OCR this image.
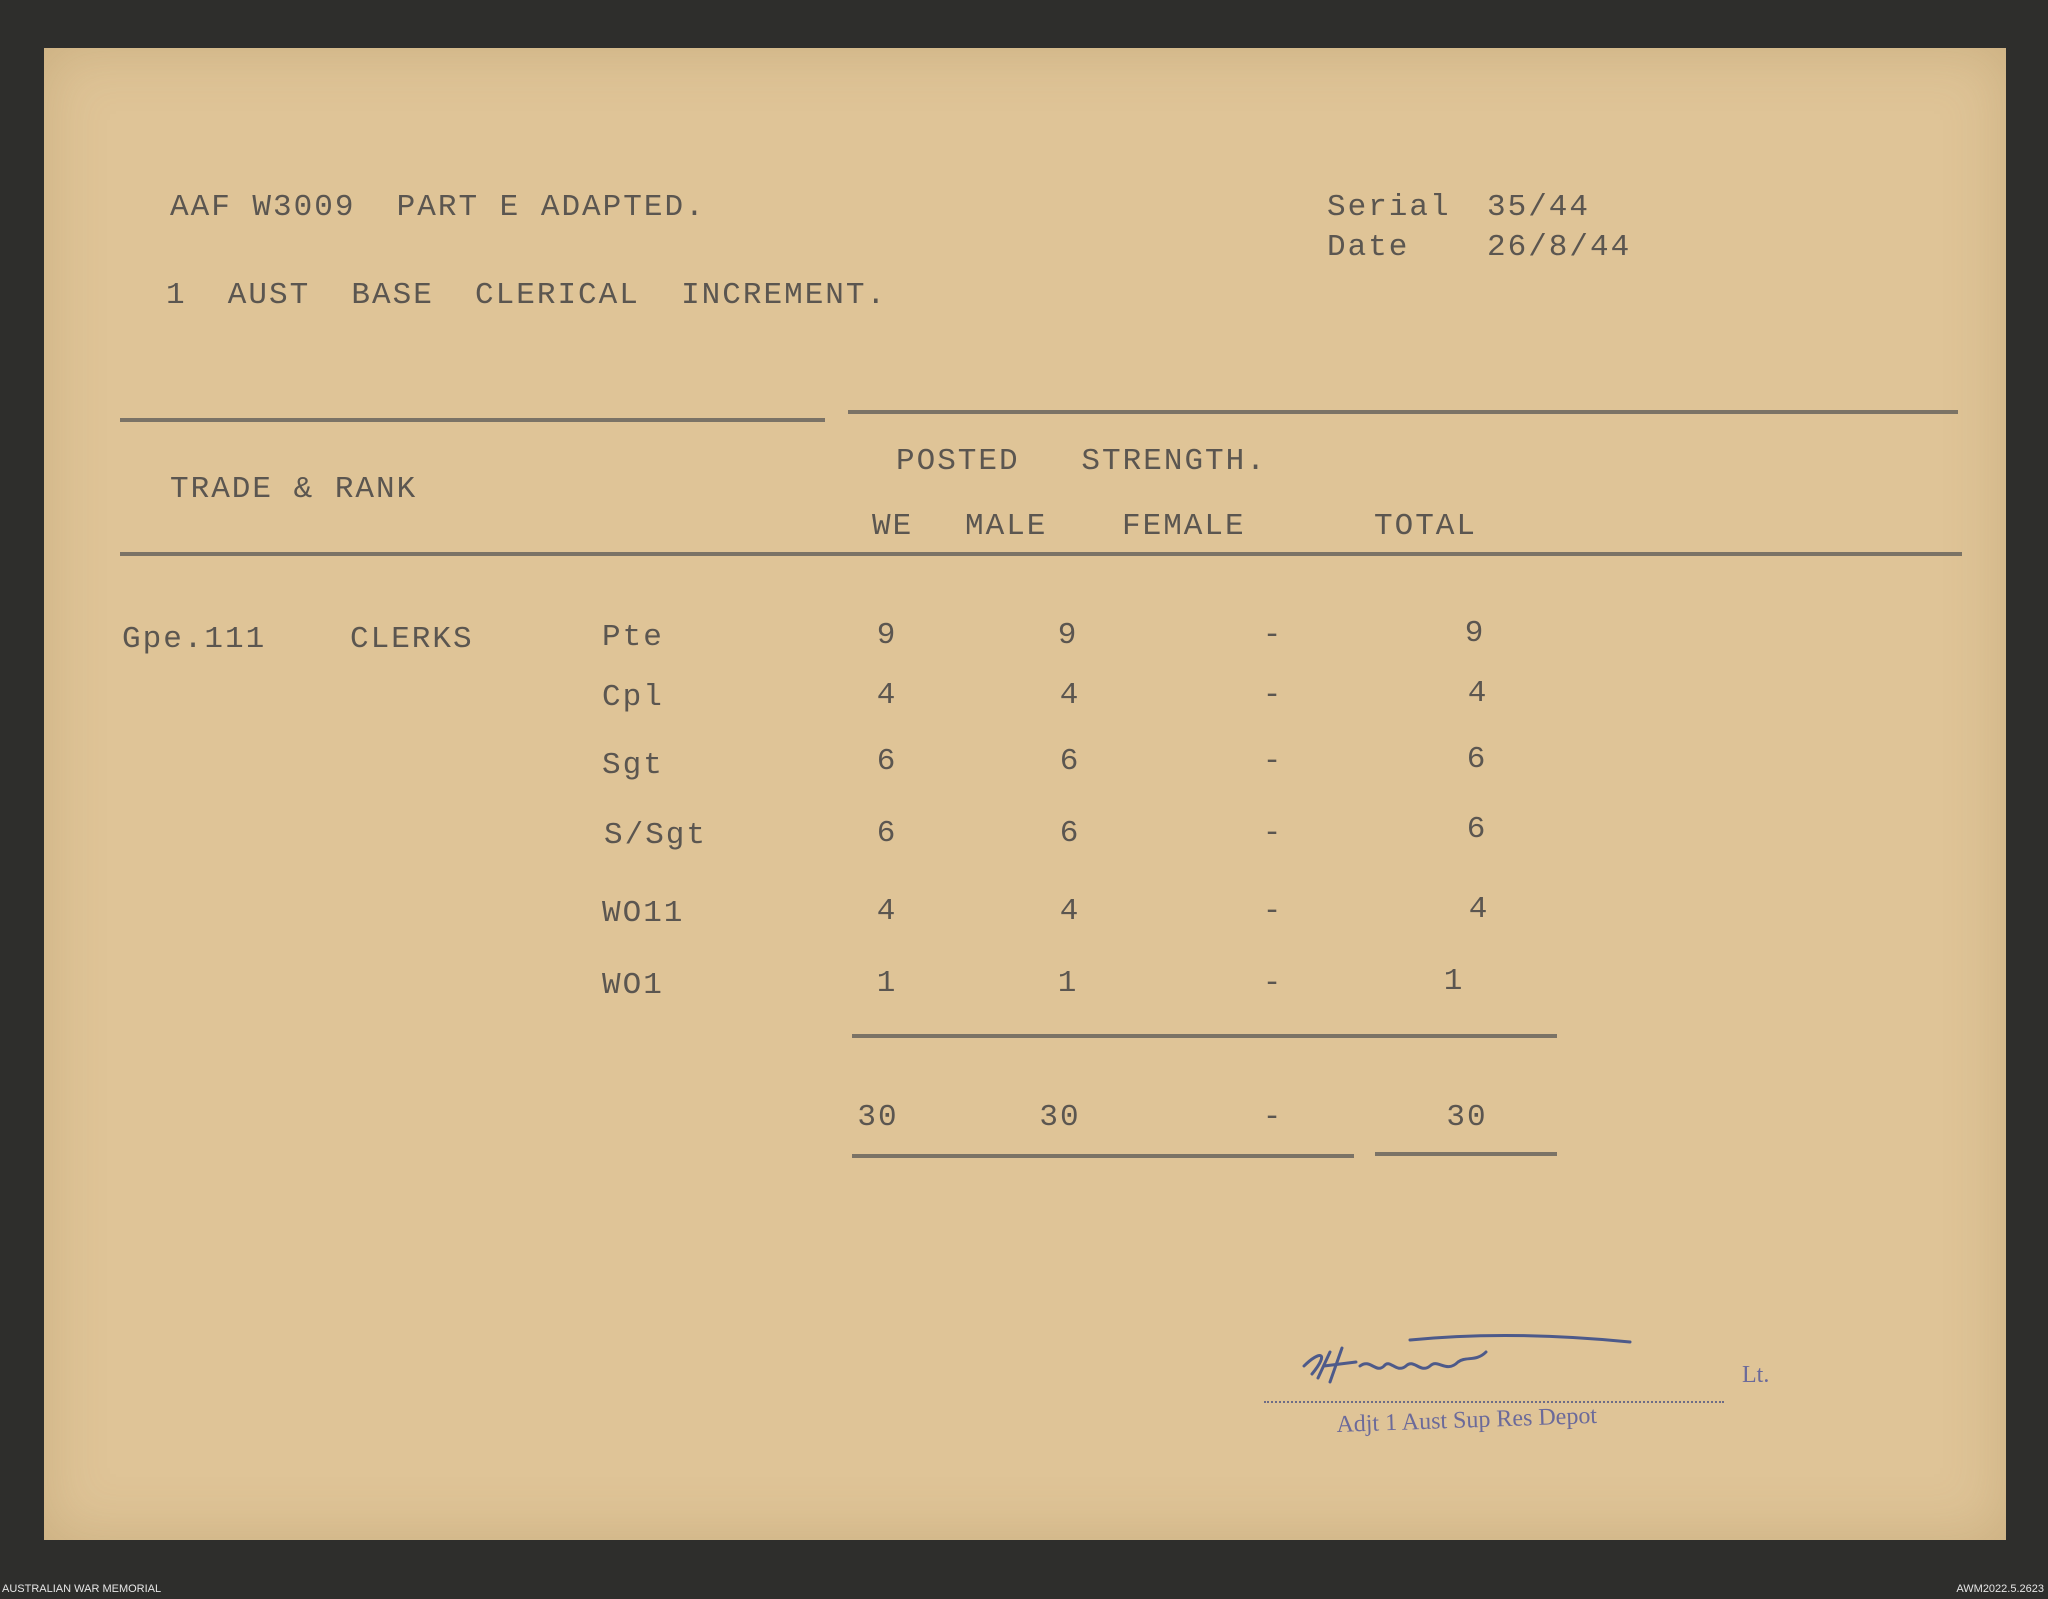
AAF W3009  PART E ADAPTED.	Serial 35/44
Date	26/8/44
1  AUST  BASE  CLERICAL  INCREMENT.
TRADE & RANK
POSTED   STRENGTH.
WE MALE FEMALE	TOTAL
Gpe.111	CLERKS	Pte	9	9	-	9
Cpl	4	4	-	4
Sgt	6	6	-	6
S/Sgt	6	6	-	6
WO11	4	4	-	4
WO1	1	1	-	1
30	30	-	30
Lt.
Adjt 1 Aust Sup Res Depot
AUSTRALIAN WAR MEMORIAL	AWM2022.5.2623
